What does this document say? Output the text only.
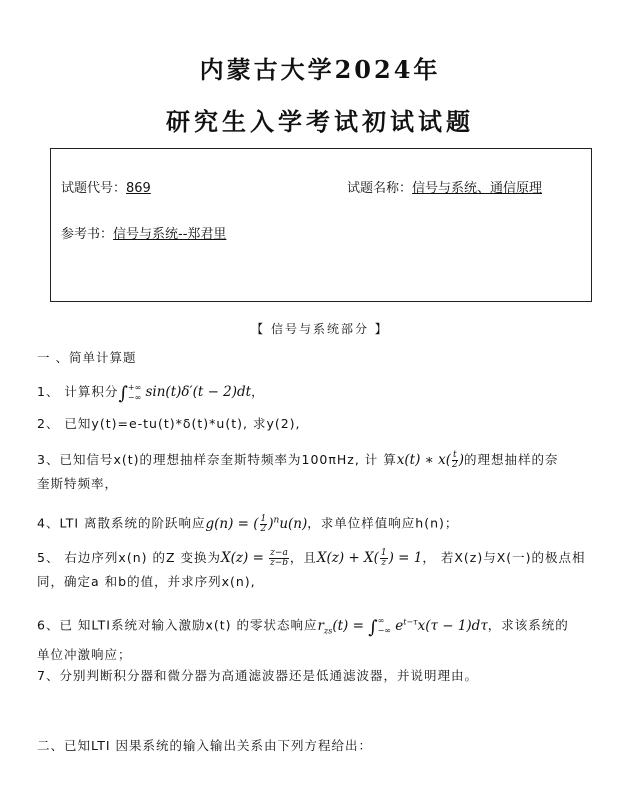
内蒙古大学2024年
研究生入学考试初试试题
试题代号：869	试题名称：信号与系统、通信原理
参考书：信号与系统--郑君里
【 信号与系统部分 】
一 、简单计算题
1、 计算积分∫ +∞
−∞ sin(t)δ′(t − 2)dt，
2、 已知y(t)=e-tu(t)*δ(t)*u(t), 求y(2),
3、已知信号x(t)的理想抽样奈奎斯特频率为100πHz, 计 算x(t) ∗ $x( \frac{t}{2}$ )的理想抽样的奈
奎斯特频率，
4、LTI 离散系统的阶跃响应g(n) = ( $\frac{1}{2} )^nu(n)$，求单位样值响应h(n)；
5、 右边序列x(n) 的Z 变换为$X(z) = \frac{z-a}{z-b}$ ，且$X(z) + X( \frac{1}{z}$ ) = 1， 若X(z)与X(一)的极点相
同，确定a 和b的值，并求序列x(n),
6、已 知LTI系统对输入激励x(t) 的零状态响应$r_{zs}(t)$ = ∫ ∞
−∞ $e^{t-\tau}x(\tau - 1)d\tau$，求该系统的
单位冲激响应；
7、分别判断积分器和微分器为高通滤波器还是低通滤波器，并说明理由。
二、已知LTI 因果系统的输入输出关系由下列方程给出：
